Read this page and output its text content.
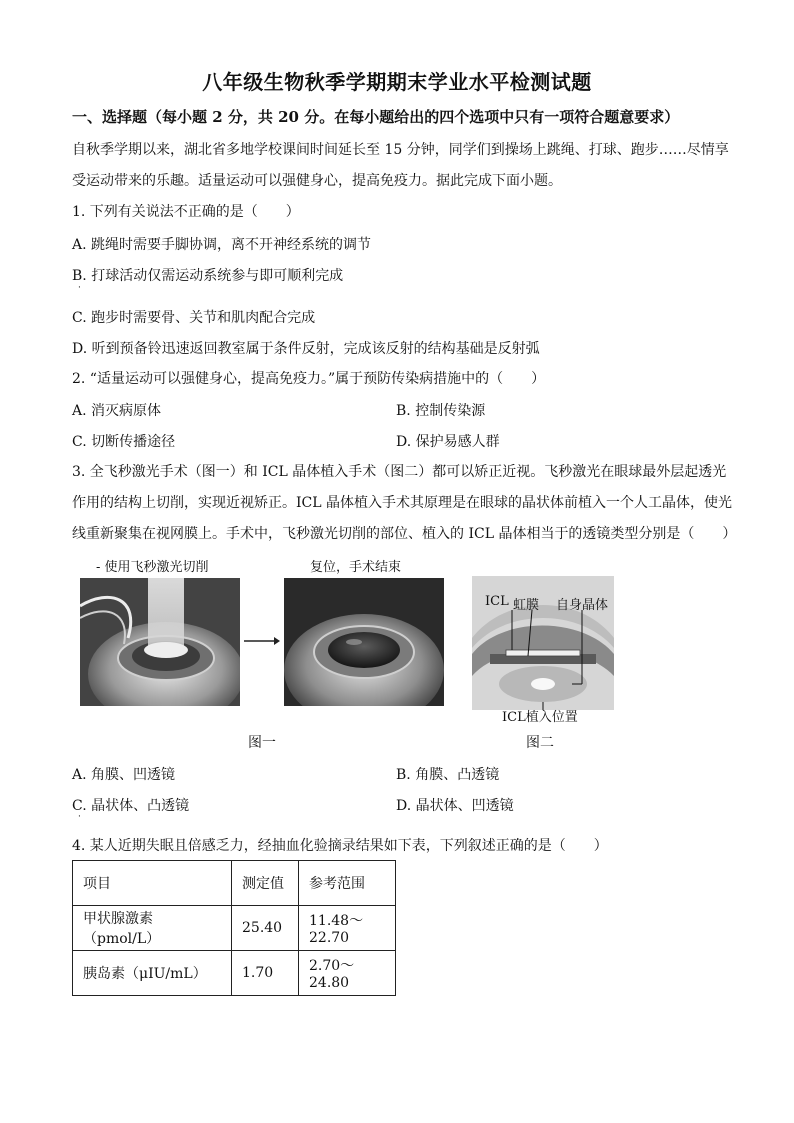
八年级生物秋季学期期末学业水平检测试题
一、选择题（每小题 2 分，共 20 分。在每小题给出的四个选项中只有一项符合题意要求）
自秋季学期以来，湖北省多地学校课间时间延长至 15 分钟，同学们到操场上跳绳、打球、跑步……尽情享
受运动带来的乐趣。适量运动可以强健身心，提高免疫力。据此完成下面小题。
1. 下列有关说法不正确的是（　　）
A. 跳绳时需要手脚协调，离不开神经系统的调节
B. 打球活动仅需运动系统参与即可顺利完成
·
C. 跑步时需要骨、关节和肌肉配合完成
D. 听到预备铃迅速返回教室属于条件反射，完成该反射的结构基础是反射弧
2. “适量运动可以强健身心，提高免疫力。”属于预防传染病措施中的（　　）
A. 消灭病原体	B. 控制传染源
C. 切断传播途径	D. 保护易感人群
3. 全飞秒激光手术（图一）和 ICL 晶体植入手术（图二）都可以矫正近视。飞秒激光在眼球最外层起透光
作用的结构上切削，实现近视矫正。ICL 晶体植入手术其原理是在眼球的晶状体前植入一个人工晶体，使光
线重新聚集在视网膜上。手术中，飞秒激光切削的部位、植入的 ICL 晶体相当于的透镜类型分别是（　　）
- 使用飞秒激光切削	复位，手术结束
ICL 虹膜 自身晶体
ICL植入位置
图一	图二
A. 角膜、凹透镜	B. 角膜、凸透镜
C. 晶状体、凸透镜	D. 晶状体、凹透镜
·
4. 某人近期失眠且倍感乏力，经抽血化验摘录结果如下表，下列叙述正确的是（　　）
项目	测定值	参考范围
甲状腺激素（pmol/L）	25.40	11.48～22.70
胰岛素（μIU/mL）	1.70	2.70～24.80
